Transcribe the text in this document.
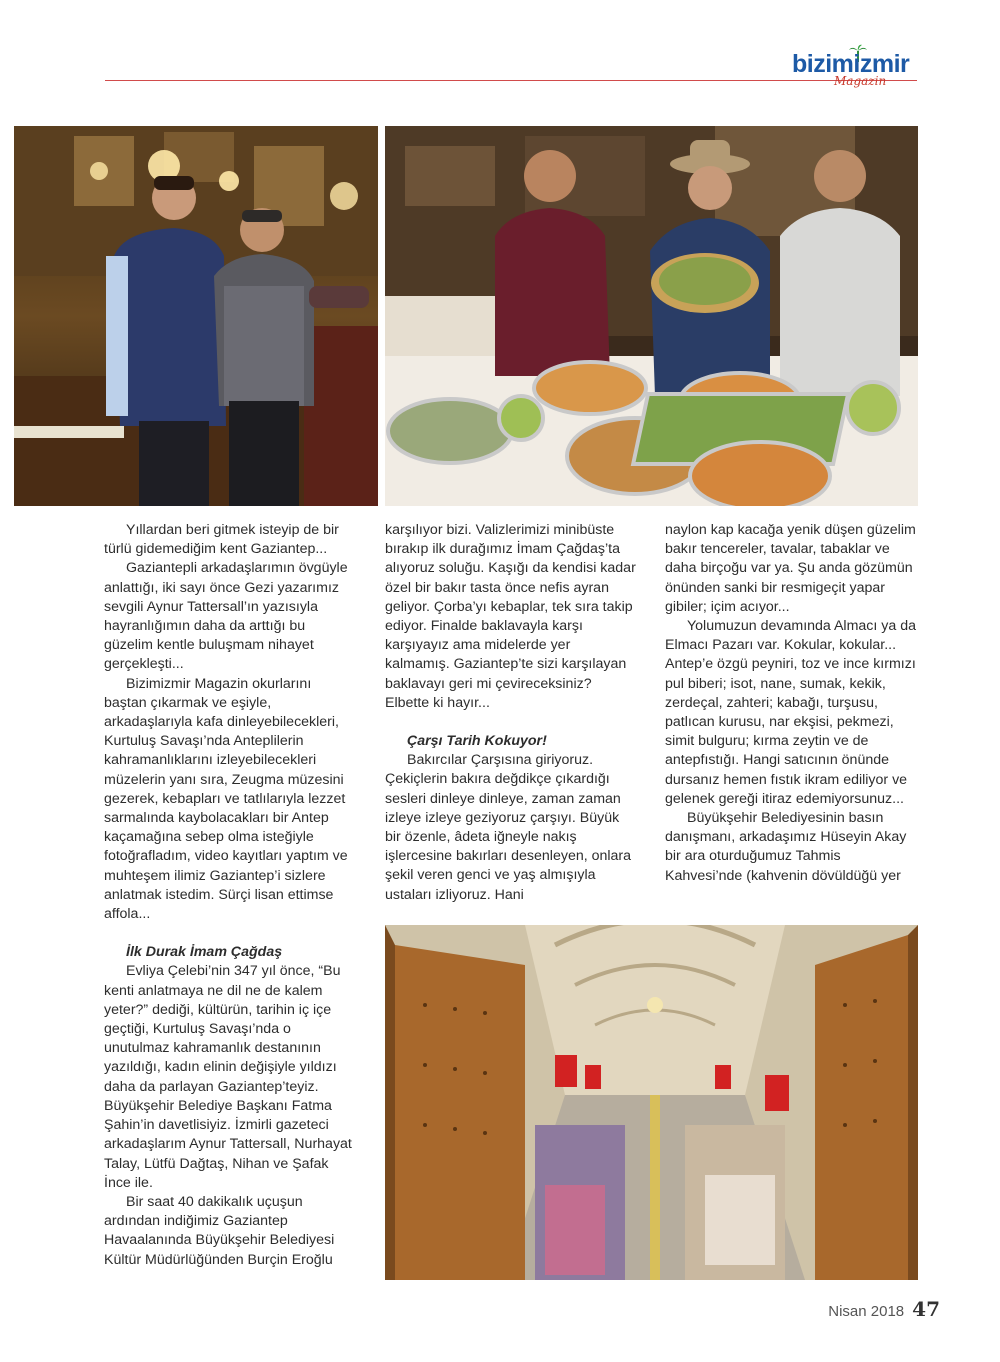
bizimizmir
Magazin

Yıllardan beri gitmek isteyip de bir türlü gidemediğim kent Gaziantep...

Gaziantepli arkadaşlarımın övgüyle anlattığı, iki sayı önce Gezi yazarımız sevgili Aynur Tattersall’ın yazısıyla hayranlığımın daha da arttığı bu güzelim kentle buluşmam nihayet gerçekleşti...

Bizimizmir Magazin okurlarını baştan çıkarmak ve eşiyle, arkadaşlarıyla kafa dinleyebilecekleri, Kurtuluş Savaşı’nda Anteplilerin kahramanlıklarını izleyebilecekleri müzelerin yanı sıra, Zeugma müzesini gezerek, kebapları ve tatlılarıyla lezzet sarmalında kaybolacakları bir Antep kaçamağına sebep olma isteğiyle fotoğrafladım, video kayıtları yaptım ve muhteşem ilimiz Gaziantep’i sizlere anlatmak istedim. Sürçi lisan ettimse affola...

İlk Durak İmam Çağdaş

Evliya Çelebi’nin 347 yıl önce, “Bu kenti anlatmaya ne dil ne de kalem yeter?” dediği, kültürün, tarihin iç içe geçtiği, Kurtuluş Savaşı’nda o unutulmaz kahramanlık destanının yazıldığı, kadın elinin değişiyle yıldızı daha da parlayan Gaziantep’teyiz. Büyükşehir Belediye Başkanı Fatma Şahin’in davetlisiyiz. İzmirli gazeteci arkadaşlarım Aynur Tattersall, Nurhayat Talay, Lütfü Dağtaş, Nihan ve Şafak İnce ile.

Bir saat 40 dakikalık uçuşun ardından indiğimiz Gaziantep Havaalanında Büyükşehir Belediyesi Kültür Müdürlüğünden Burçin Eroğlu

karşılıyor bizi. Valizlerimizi minibüste bırakıp ilk durağımız İmam Çağdaş’ta alıyoruz soluğu. Kaşığı da kendisi kadar özel bir bakır tasta önce nefis ayran geliyor. Çorba’yı kebaplar, tek sıra takip ediyor. Finalde baklavayla karşı karşıyayız ama midelerde yer kalmamış. Gaziantep’te sizi karşılayan baklavayı geri mi çevireceksiniz? Elbette ki hayır...

Çarşı Tarih Kokuyor!

Bakırcılar Çarşısına giriyoruz. Çekiçlerin bakıra değdikçe çıkardığı sesleri dinleye dinleye, zaman zaman izleye izleye geziyoruz çarşıyı. Büyük bir özenle, âdeta iğneyle nakış işlercesine bakırları desenleyen, onlara şekil veren genci ve yaş almışıyla ustaları izliyoruz. Hani

naylon kap kacağa yenik düşen güzelim bakır tencereler, tavalar, tabaklar ve daha birçoğu var ya. Şu anda gözümün önünden sanki bir resmigeçit yapar gibiler; içim acıyor...

Yolumuzun devamında Almacı ya da Elmacı Pazarı var. Kokular, kokular... Antep’e özgü peyniri, toz ve ince kırmızı pul biberi; isot, nane, sumak, kekik, zerdeçal, zahteri; kabağı, turşusu, patlıcan kurusu, nar ekşisi, pekmezi, simit bulguru; kırma zeytin ve de antepfıstığı. Hangi satıcının önünde dursanız hemen fıstık ikram ediliyor ve gelenek gereği itiraz edemiyorsunuz...

Büyükşehir Belediyesinin basın danışmanı, arkadaşımız Hüseyin Akay bir ara oturduğumuz Tahmis Kahvesi’nde (kahvenin dövüldüğü yer

Nisan 2018 47
